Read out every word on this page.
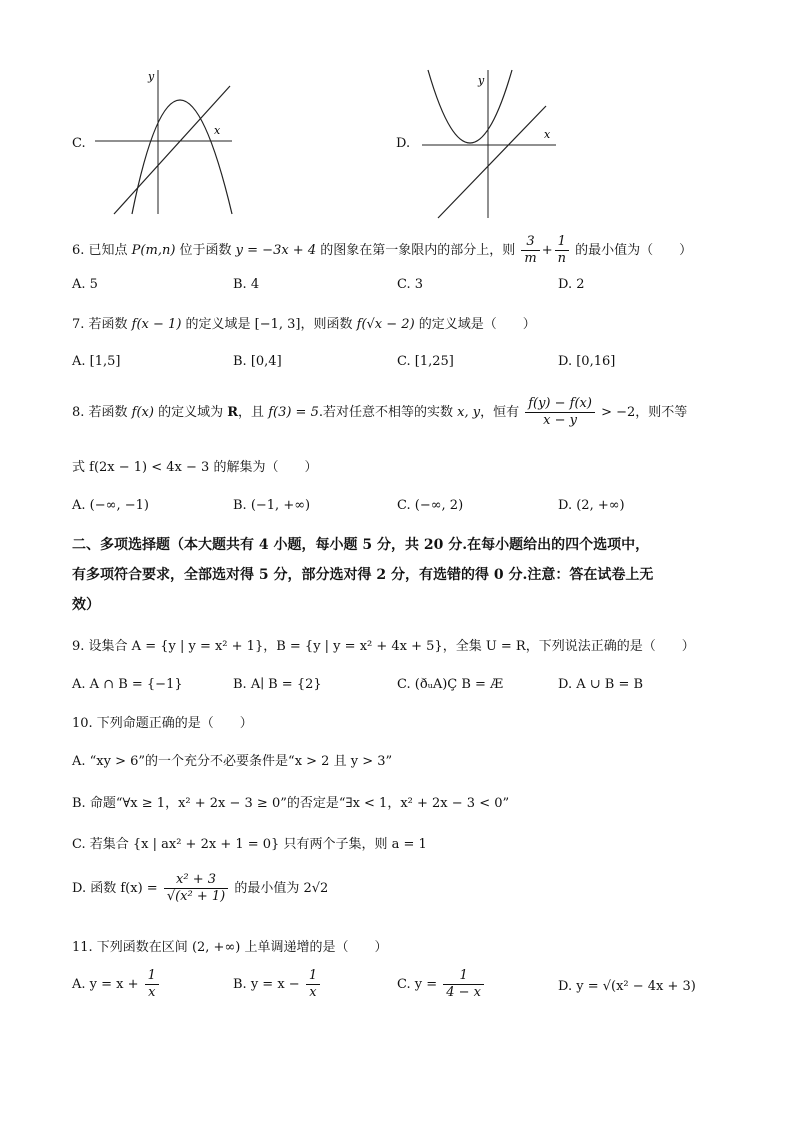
C.
x
y
D.
x
y
6. 已知点 P(m,n) 位于函数 y = −3x + 4 的图象在第一象限内的部分上，则 $\frac{3}{m} + \frac{1}{n}$ 的最小值为（　　）
A. 5	B. 4	C. 3	D. 2
7. 若函数 f(x − 1) 的定义域是 [−1, 3]，则函数 f(√x − 2) 的定义域是（　　）
A. [1,5]	B. [0,4]	C. [1,25]	D. [0,16]
8. 若函数 f(x) 的定义域为 R，且 f(3) = 5.若对任意不相等的实数 x, y，恒有 $\frac{f(y) - f(x)}{x - y} > -2$，则不等
式 f(2x − 1) < 4x − 3 的解集为（　　）
A. (−∞, −1)	B. (−1, +∞)	C. (−∞, 2)	D. (2, +∞)
二、多项选择题（本大题共有 4 小题，每小题 5 分，共 20 分.在每小题给出的四个选项中，
有多项符合要求，全部选对得 5 分，部分选对得 2 分，有选错的得 0 分.注意：答在试卷上无
效）
9. 设集合 A = {y | y = x² + 1}，B = {y | y = x² + 4x + 5}，全集 U = R，下列说法正确的是（　　）
A. A ∩ B = {−1}	B. A∣ B = {2}	C. (ð⁠ᵤA)Ç B = Æ	D. A ∪ B = B
10. 下列命题正确的是（　　）
A. “xy > 6”的一个充分不必要条件是“x > 2 且 y > 3”
B. 命题“∀x ≥ 1，x² + 2x − 3 ≥ 0”的否定是“∃x < 1，x² + 2x − 3 < 0”
C. 若集合 {x | ax² + 2x + 1 = 0} 只有两个子集，则 a = 1
D. 函数 $f(x) = \frac{\text{x² + 3}}{\text{√(x² + 1)}}$ 的最小值为 2√2
11. 下列函数在区间 (2, +∞) 上单调递增的是（　　）
A. $y = x + \frac{1}{x}$	B. $y = x - \frac{1}{x}$	C. $y = \frac{1}{4 - x}$	D. y = √(x² − 4x + 3)
